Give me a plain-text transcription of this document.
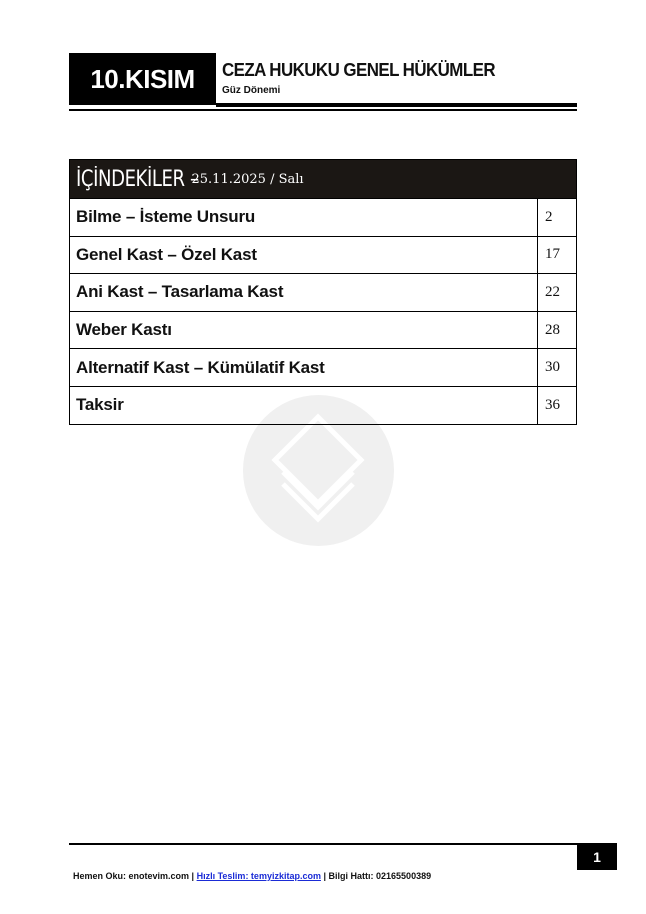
10.KISIM CEZA HUKUKU GENEL HÜKÜMLER
Güz Dönemi
İÇİNDEKİLER –
25.11.2025 / Salı
Bilme – İsteme Unsuru	2
Genel Kast – Özel Kast	17
Ani Kast – Tasarlama Kast	22
Weber Kastı	28
Alternatif Kast – Kümülatif Kast	30
Taksir	36
1
Hemen Oku: enotevim.com | Hızlı Teslim: temyizkitap.com | Bilgi Hattı: 02165500389
